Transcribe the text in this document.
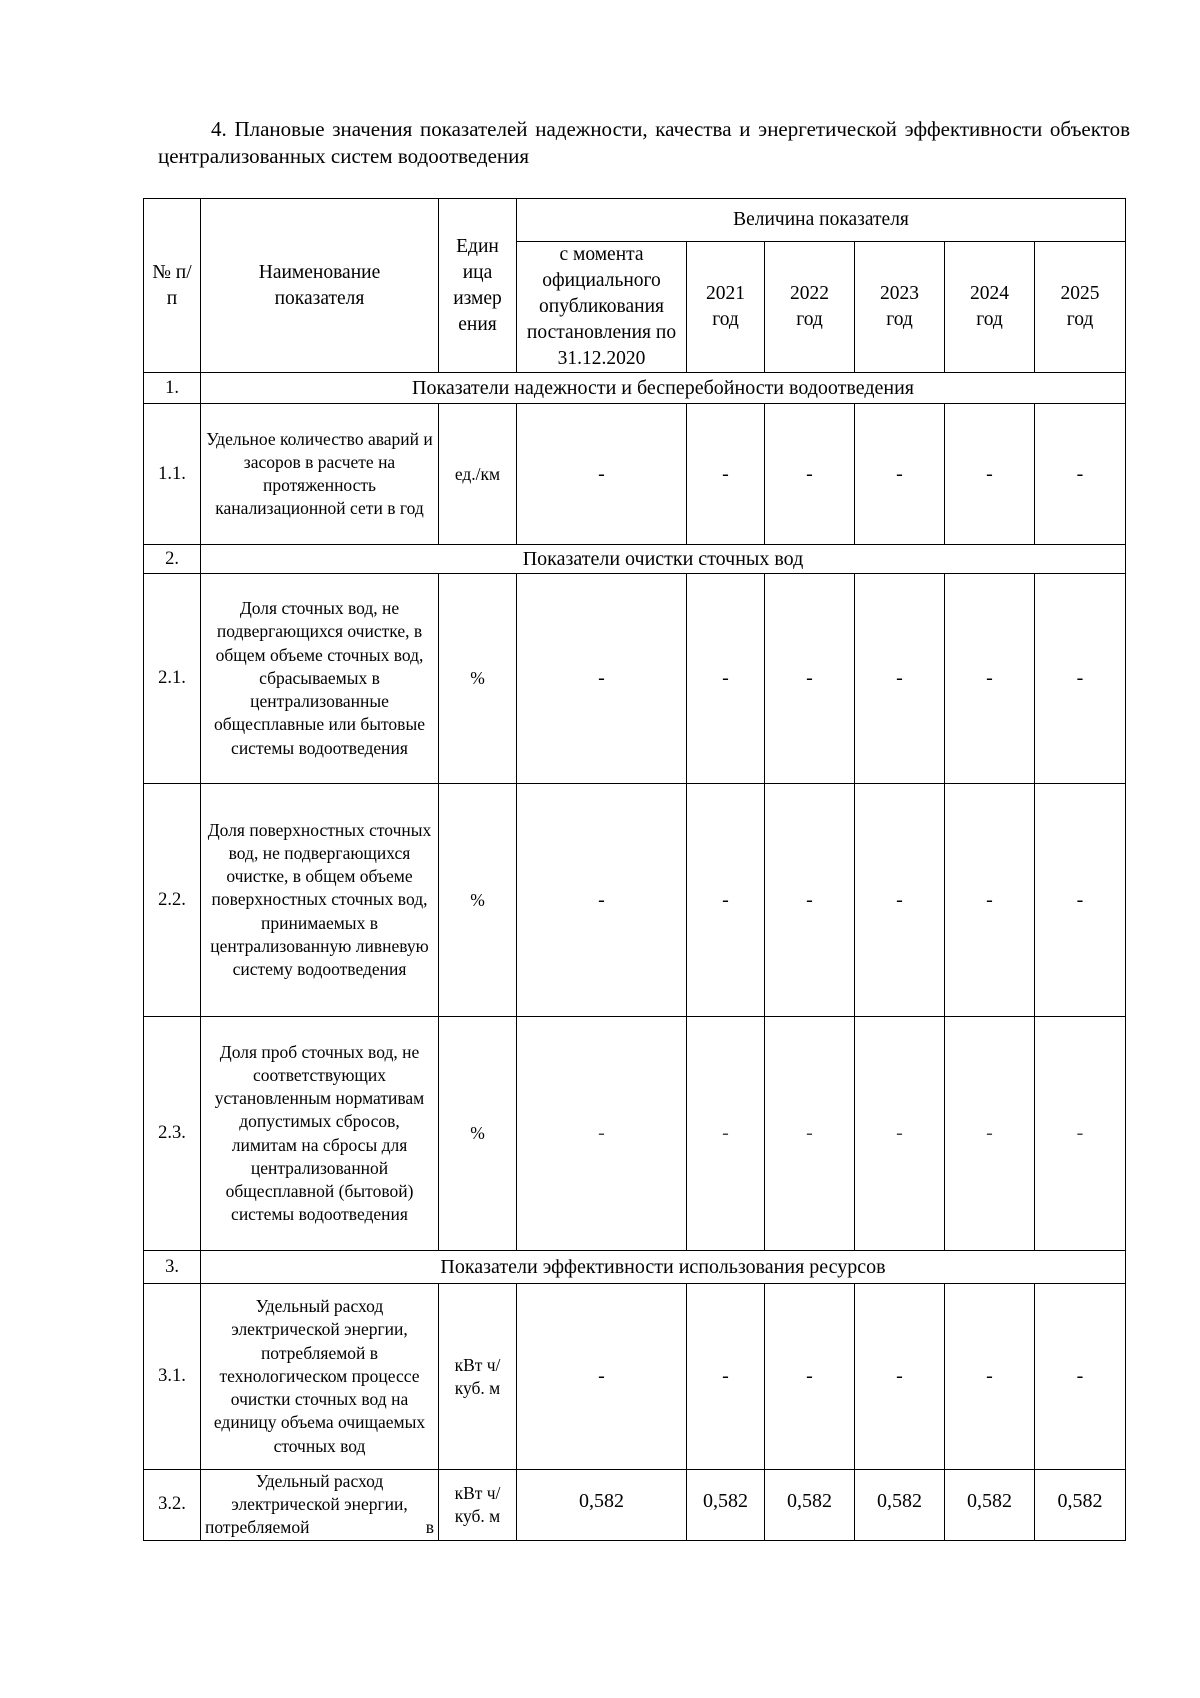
4. Плановые значения показателей надежности, качества и энергетической эффективности объектов централизованных систем водоотведения
№ п/п	Наименование показателя	Един ица измер ения	Величина показателя					
			с момента официального опубликования постановления по 31.12.2020	2021 год	2022 год	2023 год	2024 год	2025 год
1.	Показатели надежности и бесперебойности водоотведения							
1.1.	Удельное количество аварий и засоров в расчете на протяженность канализационной сети в год	ед./км	-	-	-	-	-	-
2.	Показатели очистки сточных вод							
2.1.	Доля сточных вод, не подвергающихся очистке, в общем объеме сточных вод, сбрасываемых в централизованные общесплавные или бытовые системы водоотведения	%	-	-	-	-	-	-
2.2.	Доля поверхностных сточных вод, не подвергающихся очистке, в общем объеме поверхностных сточных вод, принимаемых в централизованную ливневую систему водоотведения	%	-	-	-	-	-	-
2.3.	Доля проб сточных вод, не соответствующих установленным нормативам допустимых сбросов, лимитам на сбросы для централизованной общесплавной (бытовой) системы водоотведения	%	-	-	-	-	-	-
3.	Показатели эффективности использования ресурсов							
3.1.	Удельный расход электрической энергии, потребляемой в технологическом процессе очистки сточных вод на единицу объема очищаемых сточных вод	кВт ч/куб. м	-	-	-	-	-	-
3.2.	Удельный расход электрической энергии, потребляемой в	кВт ч/куб. м	0,582	0,582	0,582	0,582	0,582	0,582
